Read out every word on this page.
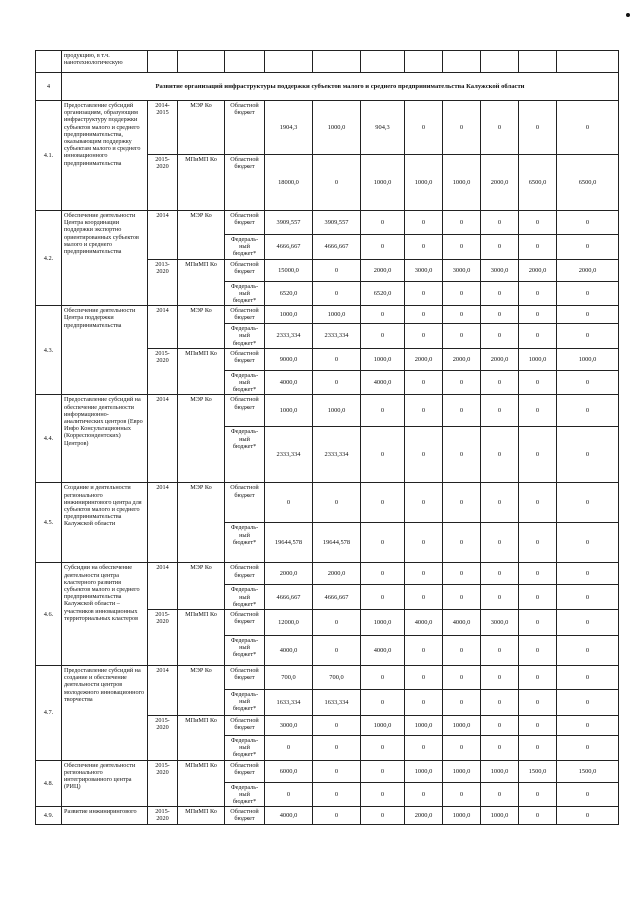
	продукцию, в т.ч. нанотехнологическую											
4	Развитие организаций инфраструктуры поддержки субъектов малого и среднего предпринимательства Калужской области											
4.1.	Предоставление субсидий организациям, образующим инфраструктуру поддержки субъектов малого и среднего предпринимательства, оказывающим поддержку субъектам малого и среднего инновационного предпринимательства	2014-2015	МЭР Ко	Областной бюджет	1904,3	1000,0	904,3	0	0	0	0	0
		2015-2020	МПиМП Ко	Областной бюджет	18000,0	0	1000,0	1000,0	1000,0	2000,0	6500,0	6500,0
4.2.	Обеспечение деятельности Центра координации поддержки экспортно ориентированных субъектов малого и среднего предпринимательства	2014	МЭР Ко	Областной бюджет	3909,557	3909,557	0	0	0	0	0	0
				Федераль-ный бюджет*	4666,667	4666,667	0	0	0	0	0	0
		2013-2020	МПиМП Ко	Областной бюджет	15000,0	0	2000,0	3000,0	3000,0	3000,0	2000,0	2000,0
				Федераль-ный бюджет*	6520,0	0	6520,0	0	0	0	0	0
4.3.	Обеспечение деятельности Центра поддержки предпринимательства	2014	МЭР Ко	Областной бюджет	1000,0	1000,0	0	0	0	0	0	0
				Федераль-ный бюджет*	2333,334	2333,334	0	0	0	0	0	0
		2015-2020	МПиМП Ко	Областной бюджет	9000,0	0	1000,0	2000,0	2000,0	2000,0	1000,0	1000,0
				Федераль-ный бюджет*	4000,0	0	4000,0	0	0	0	0	0
4.4.	Предоставление субсидий на обеспечение деятельности информационно-аналитических центров (Евро Инфо Консультационных (Корреспондентских) Центров)	2014	МЭР Ко	Областной бюджет	1000,0	1000,0	0	0	0	0	0	0
				Федераль-ный бюджет*	2333,334	2333,334	0	0	0	0	0	0
4.5.	Создание и деятельности регионального инжинирингового центра для субъектов малого и среднего предпринимательства Калужской области	2014	МЭР Ко	Областной бюджет	0	0	0	0	0	0	0	0
				Федераль-ный бюджет*	19644,578	19644,578	0	0	0	0	0	0
4.6.	Субсидии на обеспечение деятельности центра кластерного развития субъектов малого и среднего предпринимательства Калужской области – участников инновационных территориальных кластеров	2014	МЭР Ко	Областной бюджет	2000,0	2000,0	0	0	0	0	0	0
				Федераль-ный бюджет*	4666,667	4666,667	0	0	0	0	0	0
		2015-2020	МПиМП Ко	Областной бюджет	12000,0	0	1000,0	4000,0	4000,0	3000,0	0	0
				Федераль-ный бюджет*	4000,0	0	4000,0	0	0	0	0	0
4.7.	Предоставление субсидий на создание и обеспечение деятельности центров молодежного инновационного творчества	2014	МЭР Ко	Областной бюджет	700,0	700,0	0	0	0	0	0	0
				Федераль-ный бюджет*	1633,334	1633,334	0	0	0	0	0	0
		2015-2020	МПиМП Ко	Областной бюджет	3000,0	0	1000,0	1000,0	1000,0	0	0	0
				Федераль-ный бюджет*	0	0	0	0	0	0	0	0
4.8.	Обеспечение деятельности регионального интегрированного центра (РИЦ)	2015-2020	МПиМП Ко	Областной бюджет	6000,0	0	0	1000,0	1000,0	1000,0	1500,0	1500,0
				Федераль-ный бюджет*	0	0	0	0	0	0	0	0
4.9.	Развитие инжинирингового	2015-2020	МПиМП Ко	Областной бюджет	4000,0	0	0	2000,0	1000,0	1000,0	0	0
